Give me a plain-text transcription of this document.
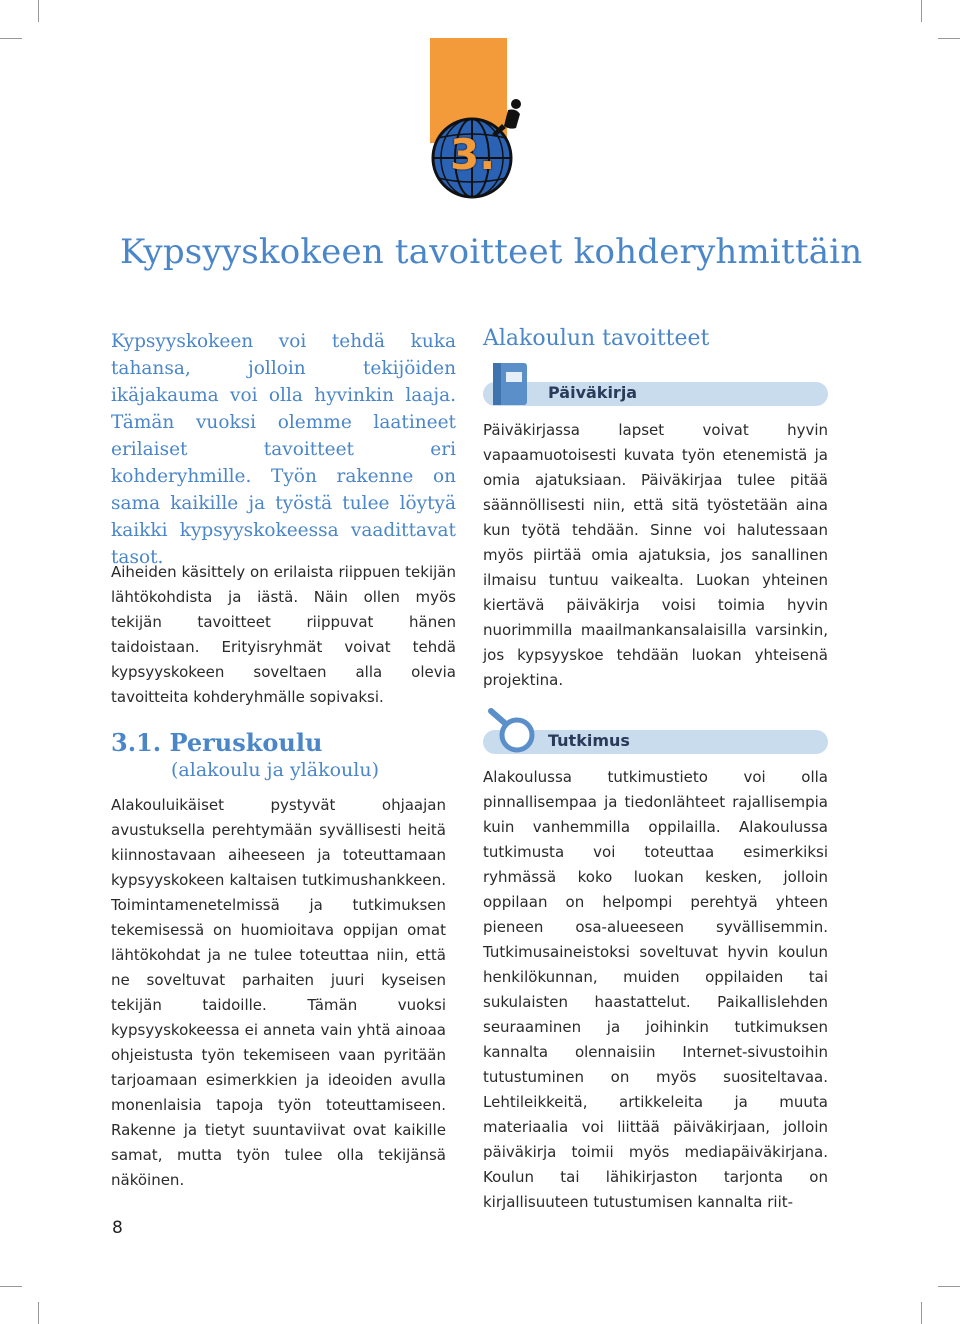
3.
Kypsyyskokeen tavoitteet kohderyhmittäin
Kypsyyskokeen voi tehdä kuka tahansa, jolloin tekijöiden ikäjakauma voi olla hyvinkin laaja. Tämän vuoksi olemme laatineet erilaiset tavoitteet eri kohderyhmille. Työn rakenne on sama kaikille ja työstä tulee löytyä kaikki kypsyyskokeessa vaadittavat tasot.
Aiheiden käsittely on erilaista riippuen tekijän lähtökohdista ja iästä. Näin ollen myös tekijän tavoitteet riippuvat hänen taidoistaan. Erityisryhmät voivat tehdä kypsyyskokeen soveltaen alla olevia tavoitteita kohderyhmälle sopivaksi.
3.1. Peruskoulu
(alakoulu ja yläkoulu)
Alakouluikäiset pystyvät ohjaajan avustuksella perehtymään syvällisesti heitä kiinnostavaan aiheeseen ja toteuttamaan kypsyyskokeen kaltaisen tutkimushankkeen. Toimintamenetelmissä ja tutkimuksen tekemisessä on huomioitava oppijan omat lähtökohdat ja ne tulee toteuttaa niin, että ne soveltuvat parhaiten juuri kyseisen tekijän taidoille. Tämän vuoksi kypsyyskokeessa ei anneta vain yhtä ainoaa ohjeistusta työn tekemiseen vaan pyritään tarjoamaan esimerkkien ja ideoiden avulla monenlaisia tapoja työn toteuttamiseen. Rakenne ja tietyt suuntaviivat ovat kaikille samat, mutta työn tulee olla tekijänsä näköinen.
Alakoulun tavoitteet
Päiväkirja
Päiväkirjassa lapset voivat hyvin vapaamuotoisesti kuvata työn etenemistä ja omia ajatuksiaan. Päiväkirjaa tulee pitää säännöllisesti niin, että sitä työstetään aina kun työtä tehdään. Sinne voi halutessaan myös piirtää omia ajatuksia, jos sanallinen ilmaisu tuntuu vaikealta. Luokan yhteinen kiertävä päiväkirja voisi toimia hyvin nuorimmilla maailmankansalaisilla varsinkin, jos kypsyyskoe tehdään luokan yhteisenä projektina.
Tutkimus
Alakoulussa tutkimustieto voi olla pinnallisempaa ja tiedonlähteet rajallisempia kuin vanhemmilla oppilailla. Alakoulussa tutkimusta voi toteuttaa esimerkiksi ryhmässä koko luokan kesken, jolloin oppilaan on helpompi perehtyä yhteen pieneen osa-alueeseen syvällisemmin. Tutkimusaineistoksi soveltuvat hyvin koulun henkilökunnan, muiden oppilaiden tai sukulaisten haastattelut. Paikallislehden seuraaminen ja joihinkin tutkimuksen kannalta olennaisiin Internet-sivustoihin tutustuminen on myös suositeltavaa. Lehtileikkeitä, artikkeleita ja muuta materiaalia voi liittää päiväkirjaan, jolloin päiväkirja toimii myös mediapäiväkirjana. Koulun tai lähikirjaston tarjonta on kirjallisuuteen tutustumisen kannalta riit-
8
